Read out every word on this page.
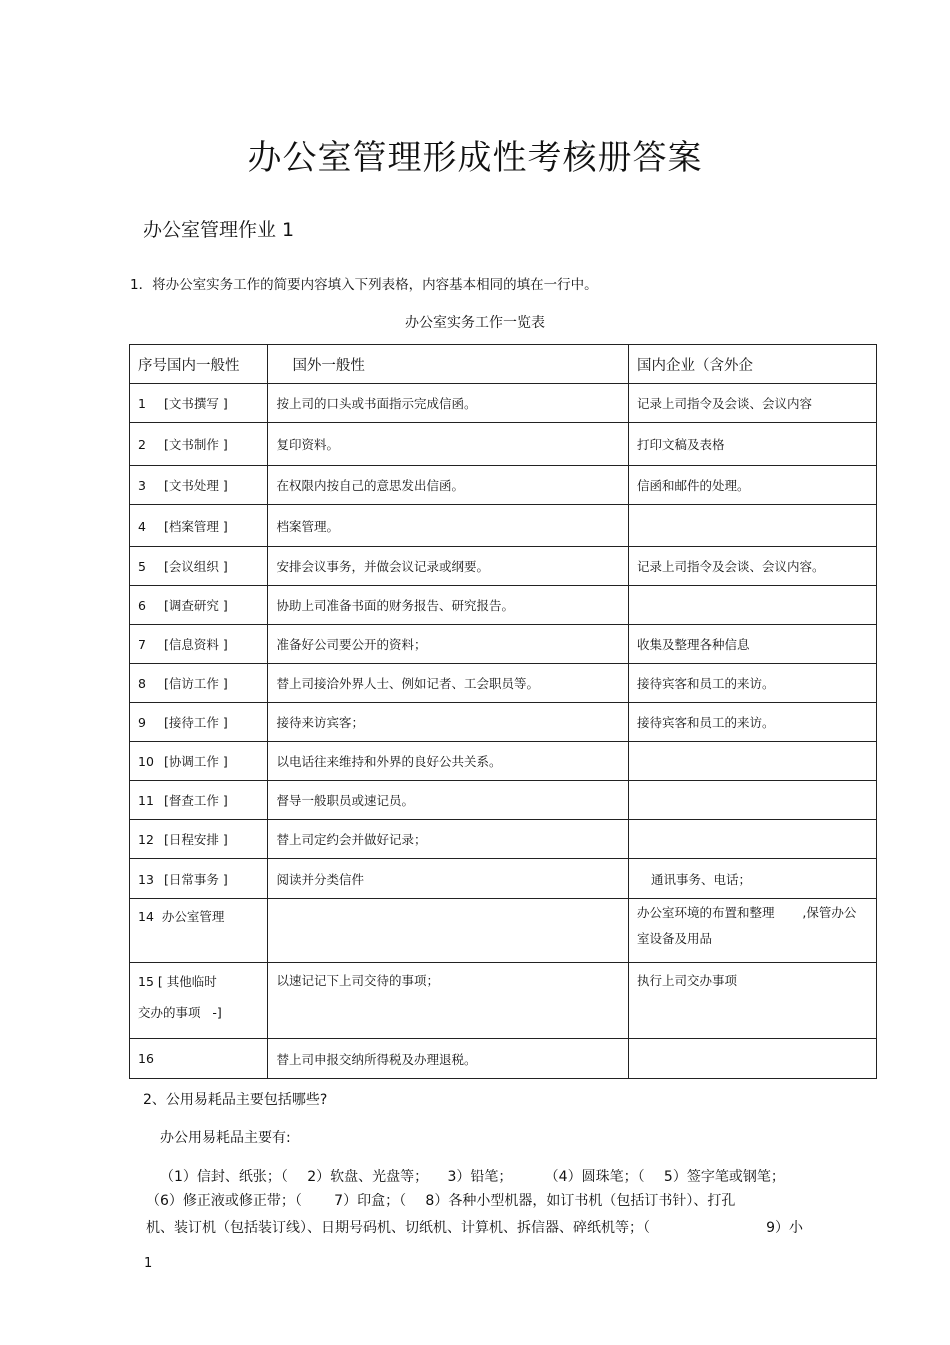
办公室管理形成性考核册答案
办公室管理作业 1
1．将办公室实务工作的简要内容填入下列表格，内容基本相同的填在一行中。
办公室实务工作一览表
序号国内一般性	国外一般性	国内企业（含外企
1 [文书撰写 ]	按上司的口头或书面指示完成信函。	记录上司指令及会谈、会议内容
2 [文书制作 ]	复印资料。	打印文稿及表格
3 [文书处理 ]	在权限内按自己的意思发出信函。	信函和邮件的处理。
4 [档案管理 ]	档案管理。	
5 [会议组织 ]	安排会议事务，并做会议记录或纲要。	记录上司指令及会谈、会议内容。
6 [调查研究 ]	协助上司准备书面的财务报告、研究报告。	
7 [信息资料 ]	准备好公司要公开的资料；	收集及整理各种信息
8 [信访工作 ]	替上司接洽外界人士、例如记者、工会职员等。	接待宾客和员工的来访。
9 [接待工作 ]	接待来访宾客；	接待宾客和员工的来访。
10 [协调工作 ]	以电话往来维持和外界的良好公共关系。	
11 [督查工作 ]	督导一般职员或速记员。	
12 [日程安排 ]	替上司定约会并做好记录；	
13 [日常事务 ]	阅读并分类信件	通讯事务、电话；
14 办公室管理		办公室环境的布置和整理       ,保管办公
室设备及用品

15 [ 其他临时
交办的事项   -]	以速记记下上司交待的事项；	执行上司交办事项
16	替上司申报交纳所得税及办理退税。	
2、公用易耗品主要包括哪些?
办公用易耗品主要有:
（1）信封、纸张；（   2）软盘、光盘等；   3）铅笔；     （4）圆珠笔；（   5）签字笔或钢笔；
（6）修正液或修正带；（     7）印盒；（   8）各种小型机器，如订书机（包括订书针）、打孔
机、装订机（包括装订线）、日期号码机、切纸机、计算机、拆信器、碎纸机等；（                  9）小
1
